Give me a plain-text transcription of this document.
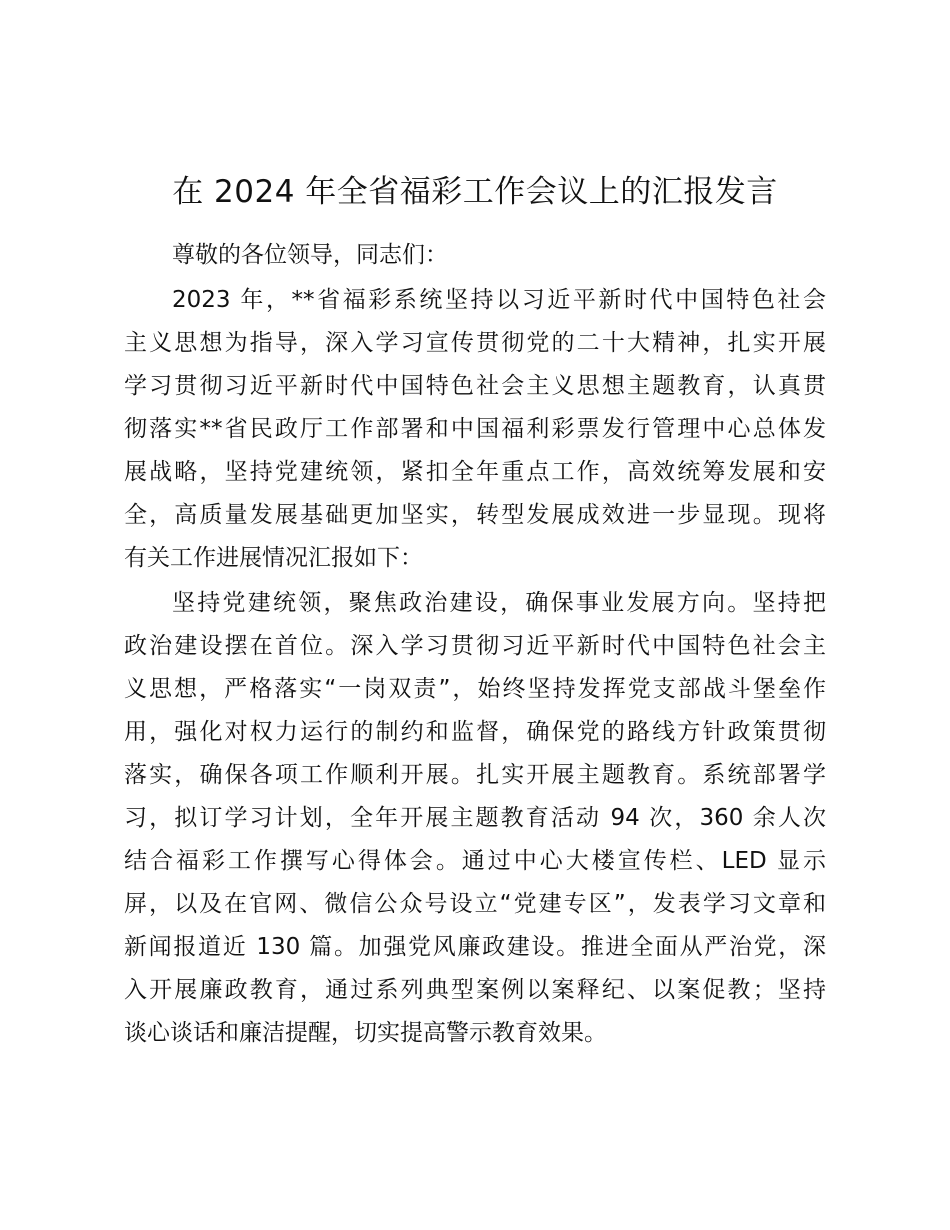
在 2024 年全省福彩工作会议上的汇报发言
尊敬的各位领导，同志们：
2023 年，**省福彩系统坚持以习近平新时代中国特色社会
主义思想为指导，深入学习宣传贯彻党的二十大精神，扎实开展
学习贯彻习近平新时代中国特色社会主义思想主题教育，认真贯
彻落实**省民政厅工作部署和中国福利彩票发行管理中心总体发
展战略，坚持党建统领，紧扣全年重点工作，高效统筹发展和安
全，高质量发展基础更加坚实，转型发展成效进一步显现。现将
有关工作进展情况汇报如下：
坚持党建统领，聚焦政治建设，确保事业发展方向。坚持把
政治建设摆在首位。深入学习贯彻习近平新时代中国特色社会主
义思想，严格落实“一岗双责”，始终坚持发挥党支部战斗堡垒作
用，强化对权力运行的制约和监督，确保党的路线方针政策贯彻
落实，确保各项工作顺利开展。扎实开展主题教育。系统部署学
习，拟订学习计划，全年开展主题教育活动 94 次，360 余人次
结合福彩工作撰写心得体会。通过中心大楼宣传栏、LED 显示
屏，以及在官网、微信公众号设立“党建专区”，发表学习文章和
新闻报道近 130 篇。加强党风廉政建设。推进全面从严治党，深
入开展廉政教育，通过系列典型案例以案释纪、以案促教；坚持
谈心谈话和廉洁提醒，切实提高警示教育效果。
